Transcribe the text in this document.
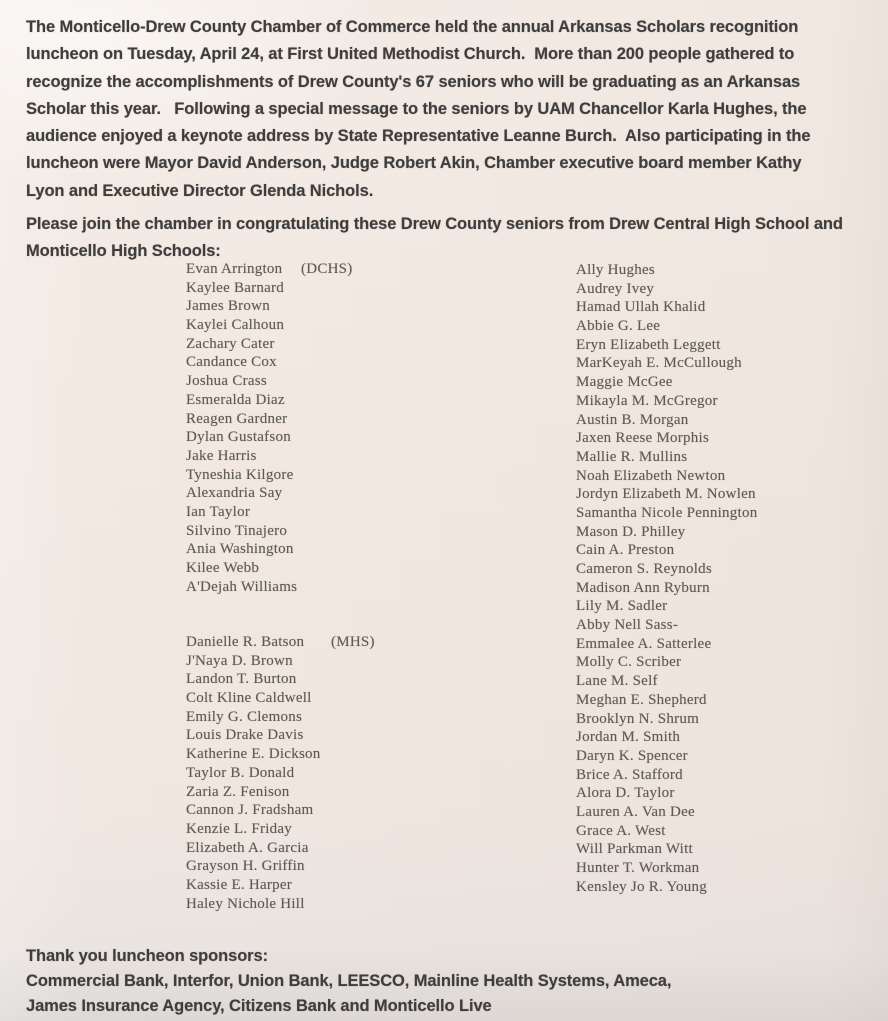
The Monticello-Drew County Chamber of Commerce held the annual Arkansas Scholars recognition
luncheon on Tuesday, April 24, at First United Methodist Church.  More than 200 people gathered to
recognize the accomplishments of Drew County's 67 seniors who will be graduating as an Arkansas
Scholar this year.   Following a special message to the seniors by UAM Chancellor Karla Hughes, the
audience enjoyed a keynote address by State Representative Leanne Burch.  Also participating in the
luncheon were Mayor David Anderson, Judge Robert Akin, Chamber executive board member Kathy
Lyon and Executive Director Glenda Nichols.
Please join the chamber in congratulating these Drew County seniors from Drew Central High School and
Monticello High Schools:
(DCHS)
Evan Arrington
Kaylee Barnard
James Brown
Kaylei Calhoun
Zachary Cater
Candance Cox
Joshua Crass
Esmeralda Diaz
Reagen Gardner
Dylan Gustafson
Jake Harris
Tyneshia Kilgore
Alexandria Say
Ian Taylor
Silvino Tinajero
Ania Washington
Kilee Webb
A'Dejah Williams
(MHS)
Danielle R. Batson
J'Naya D. Brown
Landon T. Burton
Colt Kline Caldwell
Emily G. Clemons
Louis Drake Davis
Katherine E. Dickson
Taylor B. Donald
Zaria Z. Fenison
Cannon J. Fradsham
Kenzie L. Friday
Elizabeth A. Garcia
Grayson H. Griffin
Kassie E. Harper
Haley Nichole Hill
Ally Hughes
Audrey Ivey
Hamad Ullah Khalid
Abbie G. Lee
Eryn Elizabeth Leggett
MarKeyah E. McCullough
Maggie McGee
Mikayla M. McGregor
Austin B. Morgan
Jaxen Reese Morphis
Mallie R. Mullins
Noah Elizabeth Newton
Jordyn Elizabeth M. Nowlen
Samantha Nicole Pennington
Mason D. Philley
Cain A. Preston
Cameron S. Reynolds
Madison Ann Ryburn
Lily M. Sadler
Abby Nell Sass-
Emmalee A. Satterlee
Molly C. Scriber
Lane M. Self
Meghan E. Shepherd
Brooklyn N. Shrum
Jordan M. Smith
Daryn K. Spencer
Brice A. Stafford
Alora D. Taylor
Lauren A. Van Dee
Grace A. West
Will Parkman Witt
Hunter T. Workman
Kensley Jo R. Young
Thank you luncheon sponsors:
Commercial Bank, Interfor, Union Bank, LEESCO, Mainline Health Systems, Ameca,
James Insurance Agency, Citizens Bank and Monticello Live
